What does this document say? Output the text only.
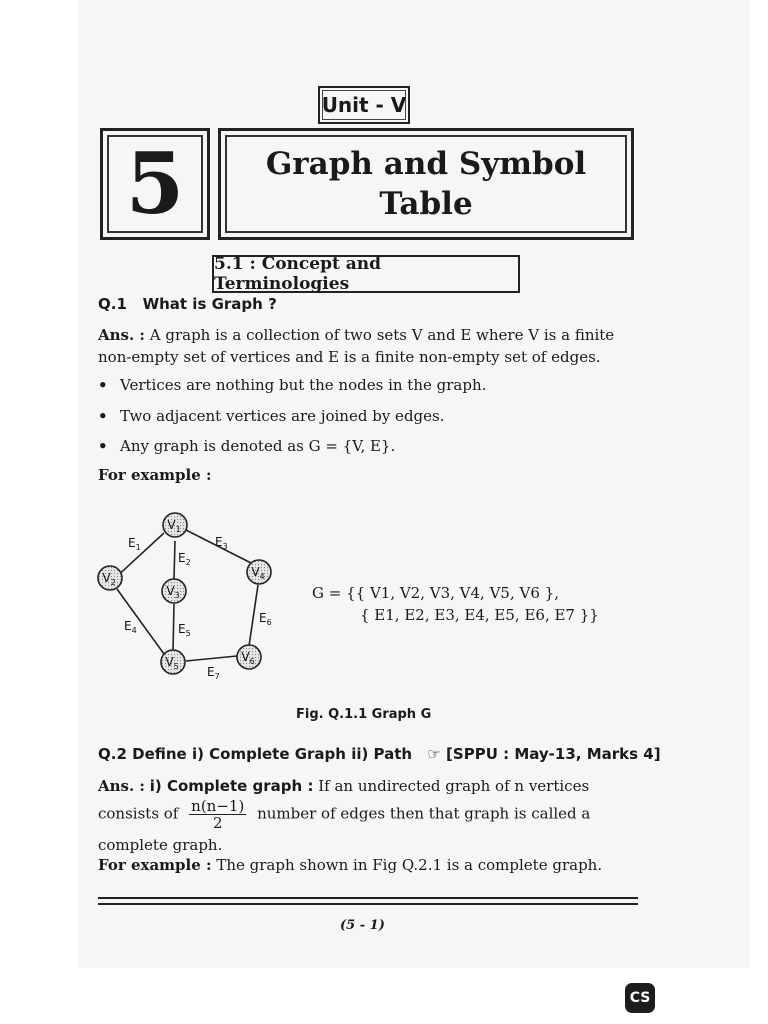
Unit - V
5	Graph and Symbol Table
5.1 : Concept and Terminologies
Q.1 What is Graph ?
Ans. : A graph is a collection of two sets V and E where V is a finite
non-empty set of vertices and E is a finite non-empty set of edges.
• Vertices are nothing but the nodes in the graph.
• Two adjacent vertices are joined by edges.
• Any graph is denoted as G = {V, E}.
For example :
$V_1$
$V_2$
$V_3$
$V_4$
$V_5$
$V_6$
$E_1$
$E_2$
$E_3$
$E_4$	$E_5$
$E_6$
$E_7$
G = {{ V1, V2, V3, V4, V5, V6 },
{ E1, E2, E3, E4, E5, E6, E7 }}
Fig. Q.1.1 Graph G
Q.2 Define i) Complete Graph ii) Path ☞ [SPPU : May-13, Marks 4]
Ans. : i) Complete graph : If an undirected graph of n vertices
consists of $\frac{n(n-1)}{2}$ number of edges then that graph is called a
complete graph.
For example : The graph shown in Fig Q.2.1 is a complete graph.
(5 - 1)
CS
